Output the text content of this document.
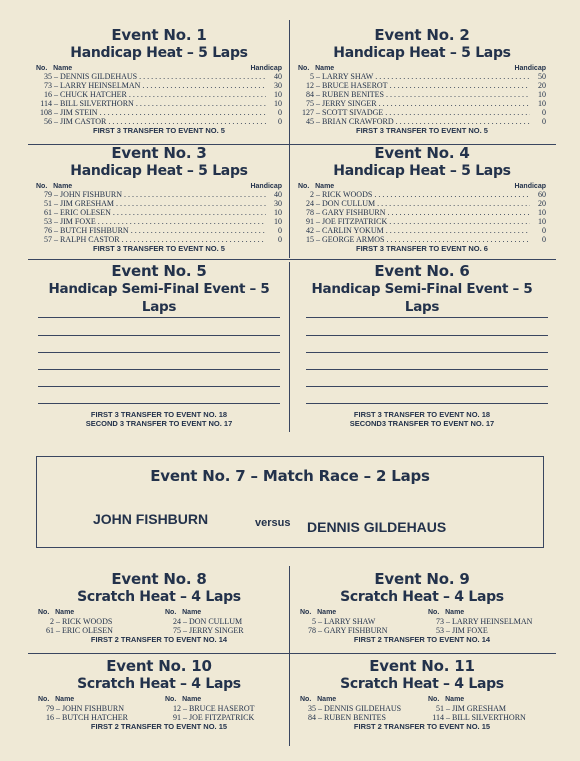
Event No. 1
Handicap Heat – 5 Laps
No. Name	Handicap
35 – DENNIS GILDEHAUS . . .	40
73 – LARRY HEINSELMAN . . .	30
16 – CHUCK HATCHER . . .	10
114 – BILL SILVERTHORN . . .	10
108 – JIM STEIN . . .	0
56 – JIM CASTOR . . .	0
FIRST 3 TRANSFER TO EVENT NO. 5
Event No. 2
Handicap Heat – 5 Laps
No. Name	Handicap
5 – LARRY SHAW . . .	50
12 – BRUCE HASEROT . . .	20
84 – RUBEN BENITES . . .	10
75 – JERRY SINGER . . .	10
127 – SCOTT SIVADGE . . .	0
45 – BRIAN CRAWFORD . . .	0
FIRST 3 TRANSFER TO EVENT NO. 5
Event No. 3
Handicap Heat – 5 Laps
No. Name	Handicap
79 – JOHN FISHBURN . . .	40
51 – JIM GRESHAM . . .	30
61 – ERIC OLESEN . . .	10
53 – JIM FOXE . . .	10
76 – BUTCH FISHBURN . . .	0
57 – RALPH CASTOR . . .	0
FIRST 3 TRANSFER TO EVENT NO. 5
Event No. 4
Handicap Heat – 5 Laps
No. Name	Handicap
2 – RICK WOODS . . .	60
24 – DON CULLUM . . .	20
78 – GARY FISHBURN . . .	10
91 – JOE FITZPATRICK . . .	10
42 – CARLIN YOKUM . . .	0
15 – GEORGE ARMOS . . .	0
FIRST 3 TRANSFER TO EVENT NO. 6
Event No. 5
Handicap Semi-Final Event – 5 Laps
Event No. 6
Handicap Semi-Final Event – 5 Laps
FIRST 3 TRANSFER TO EVENT NO. 18
SECOND 3 TRANSFER TO EVENT NO. 17
FIRST 3 TRANSFER TO EVENT NO. 18
SECOND3 TRANSFER TO EVENT NO. 17
Event No. 7 – Match Race – 2 Laps
JOHN FISHBURN	versus DENNIS GILDEHAUS
Event No. 8
Scratch Heat – 4 Laps
No. Name	No. Name
2 – RICK WOODS	24 – DON CULLUM
61 – ERIC OLESEN	75 – JERRY SINGER
FIRST 2 TRANSFER TO EVENT NO. 14
Event No. 9
Scratch Heat – 4 Laps
No. Name	No. Name
5 – LARRY SHAW	73 – LARRY HEINSELMAN
78 – GARY FISHBURN	53 – JIM FOXE
FIRST 2 TRANSFER TO EVENT NO. 14
Event No. 10
Scratch Heat – 4 Laps
No. Name	No. Name
79 – JOHN FISHBURN	12 – BRUCE HASEROT
16 – BUTCH HATCHER	91 – JOE FITZPATRICK
FIRST 2 TRANSFER TO EVENT NO. 15
Event No. 11
Scratch Heat – 4 Laps
No. Name	No. Name
35 – DENNIS GILDEHAUS	51 – JIM GRESHAM
84 – RUBEN BENITES	114 – BILL SILVERTHORN
FIRST 2 TRANSFER TO EVENT NO. 15
